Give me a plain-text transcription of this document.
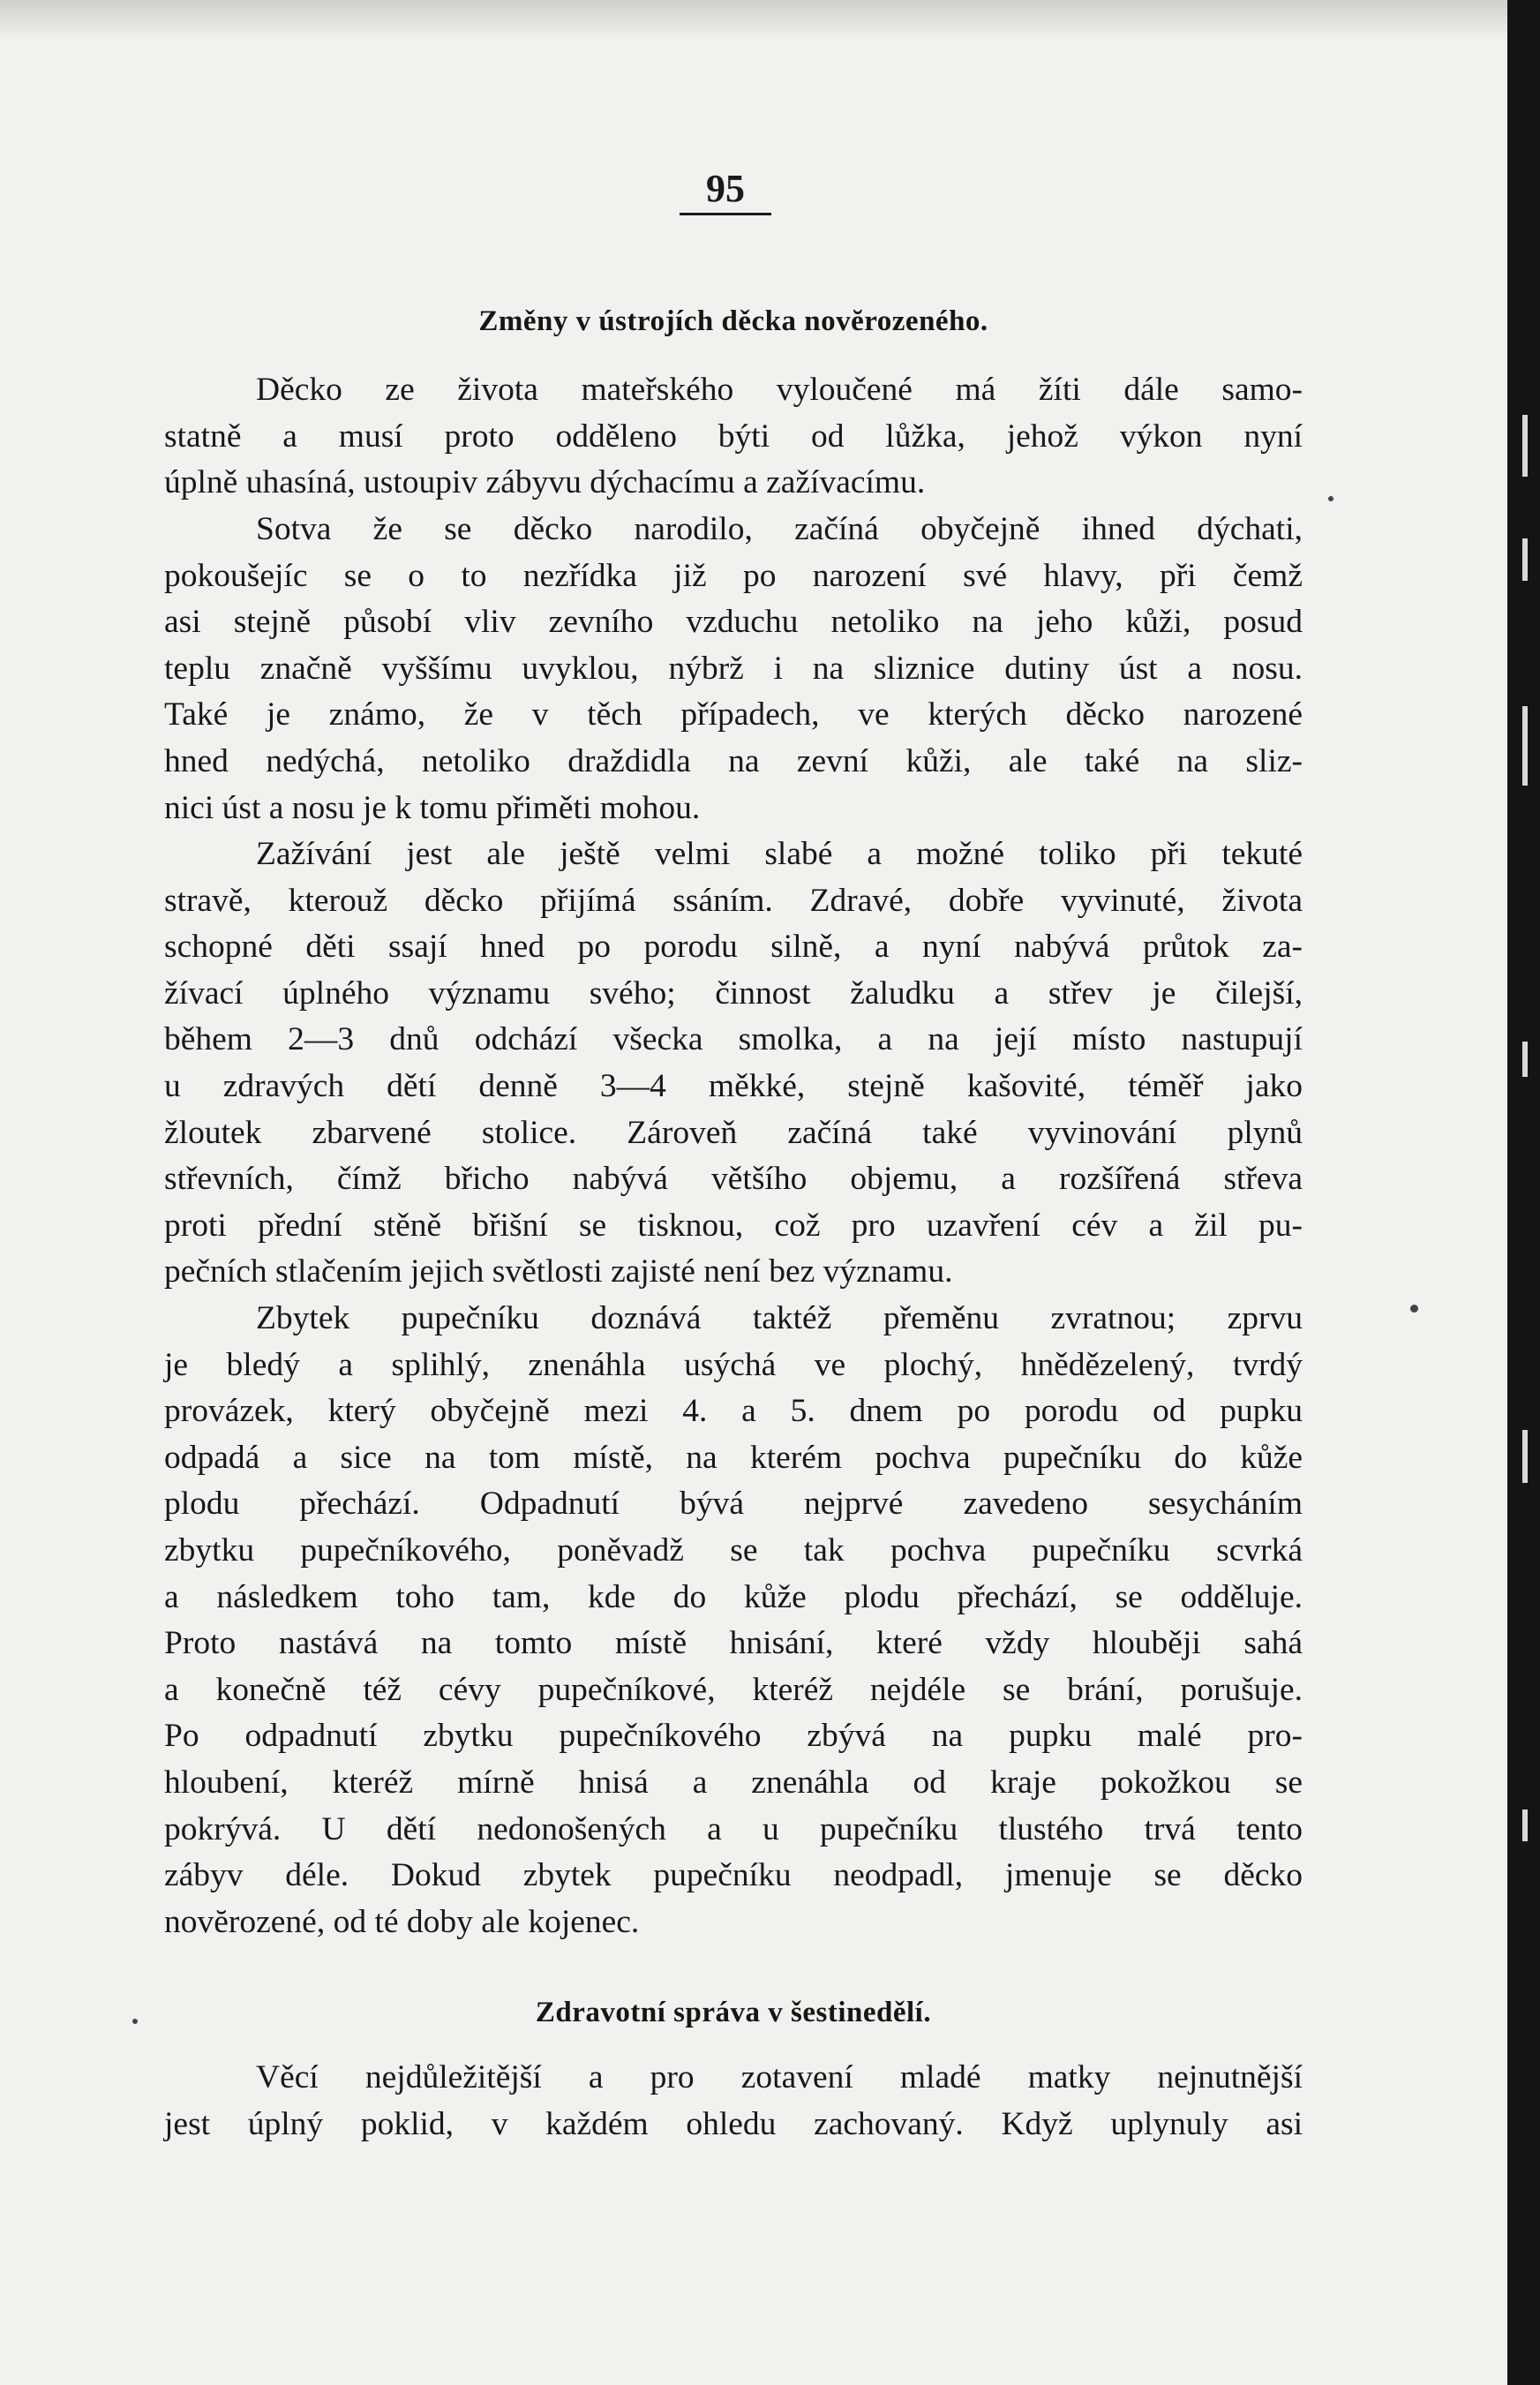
95
Změny v ústrojích děcka novĕrozeného.

Děcko ze života mateřského vyloučené má žíti dále samo-
statně a musí proto odděleno býti od lůžka, jehož výkon nyní
úplně uhasíná, ustoupiv zábyvu dýchacímu a zažívacímu.

Sotva že se děcko narodilo, začíná obyčejně ihned dýchati,
pokoušejíc se o to nezřídka již po narození své hlavy, při čemž
asi stejně působí vliv zevního vzduchu netoliko na jeho kůži, posud
teplu značně vyššímu uvyklou, nýbrž i na sliznice dutiny úst a nosu.
Také je známo, že v těch případech, ve kterých děcko narozené
hned nedýchá, netoliko draždidla na zevní kůži, ale také na sliz-
nici úst a nosu je k tomu přiměti mohou.

Zažívání jest ale ještě velmi slabé a možné toliko při tekuté
stravě, kterouž děcko přijímá ssáním. Zdravé, dobře vyvinuté, života
schopné děti ssají hned po porodu silně, a nyní nabývá průtok za-
žívací úplného významu svého; činnost žaludku a střev je čilejší,
během 2—3 dnů odchází všecka smolka, a na její místo nastupují
u zdravých dětí denně 3—4 měkké, stejně kašovité, téměř jako
žloutek zbarvené stolice. Zároveň začíná také vyvinování plynů
střevních, čímž břicho nabývá většího objemu, a rozšířená střeva
proti přední stěně břišní se tisknou, což pro uzavření cév a žil pu-
pečních stlačením jejich světlosti zajisté není bez významu.

Zbytek pupečníku doznává taktéž přeměnu zvratnou; zprvu
je bledý a splihlý, znenáhla usýchá ve plochý, hnědězelený, tvrdý
provázek, který obyčejně mezi 4. a 5. dnem po porodu od pupku
odpadá a sice na tom místě, na kterém pochva pupečníku do kůže
plodu přechází. Odpadnutí bývá nejprvé zavedeno sesycháním
zbytku pupečníkového, poněvadž se tak pochva pupečníku scvrká
a následkem toho tam, kde do kůže plodu přechází, se odděluje.
Proto nastává na tomto místě hnisání, které vždy hlouběji sahá
a konečně též cévy pupečníkové, kteréž nejdéle se brání, porušuje.
Po odpadnutí zbytku pupečníkového zbývá na pupku malé pro-
hloubení, kteréž mírně hnisá a znenáhla od kraje pokožkou se
pokrývá. U dětí nedonošených a u pupečníku tlustého trvá tento
zábyv déle. Dokud zbytek pupečníku neodpadl, jmenuje se děcko
novĕrozené, od té doby ale kojenec.

Zdravotní správa v šestinedělí.

Věcí nejdůležitější a pro zotavení mladé matky nejnutnější
jest úplný poklid, v každém ohledu zachovaný. Když uplynuly asi
